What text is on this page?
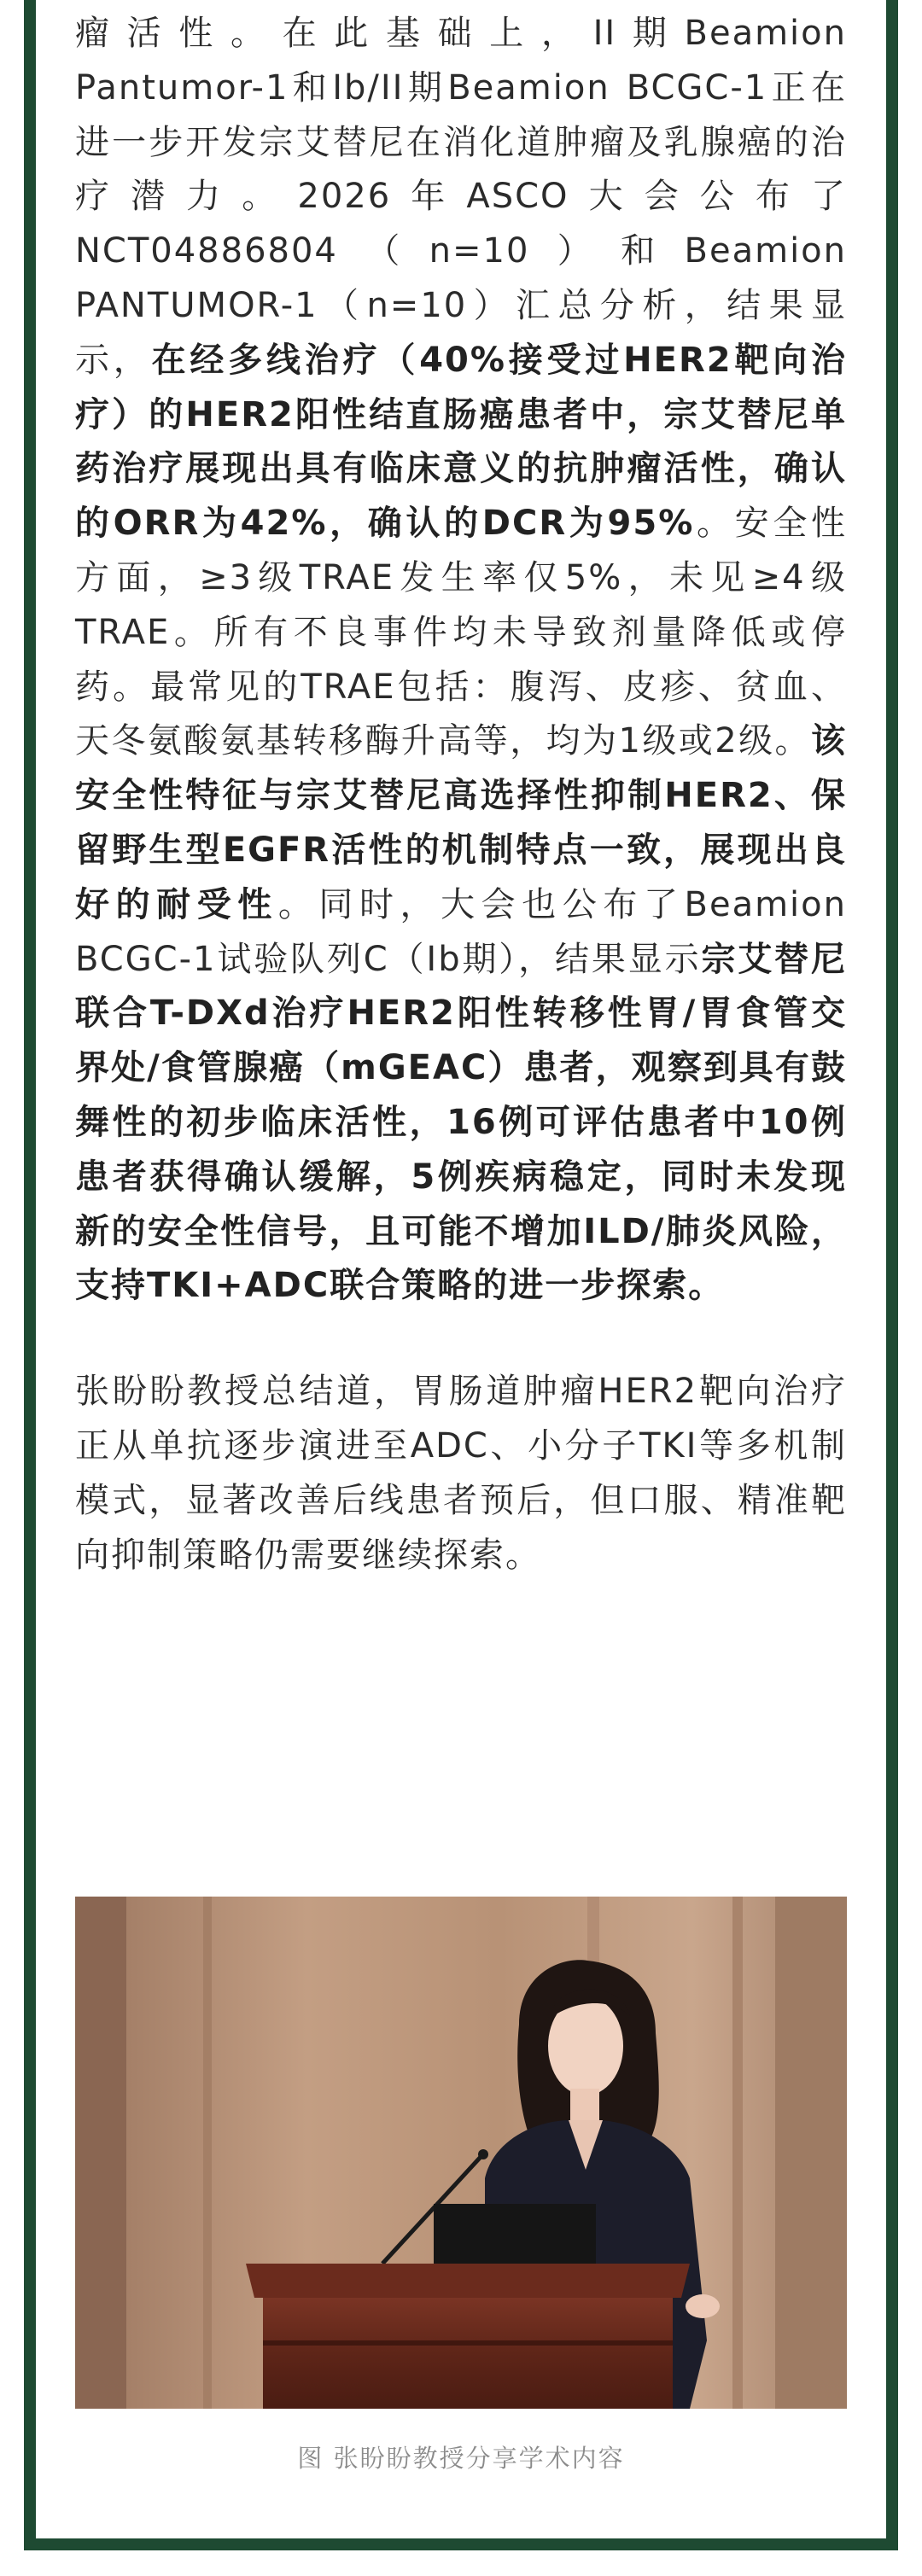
瘤活性。在此基础上，II期Beamion Pantumor-1和Ib/II期Beamion BCGC-1正在进一步开发宗艾替尼在消化道肿瘤及乳腺癌的治疗潜力。2026年ASCO大会公布了NCT04886804（n=10）和Beamion PANTUMOR-1（n=10）汇总分析，结果显示，在经多线治疗（40%接受过HER2靶向治疗）的HER2阳性结直肠癌患者中，宗艾替尼单药治疗展现出具有临床意义的抗肿瘤活性，确认的ORR为42%，确认的DCR为95%。安全性方面，≥3级TRAE发生率仅5%，未见≥4级TRAE。所有不良事件均未导致剂量降低或停药。最常见的TRAE包括：腹泻、皮疹、贫血、天冬氨酸氨基转移酶升高等，均为1级或2级。该安全性特征与宗艾替尼高选择性抑制HER2、保留野生型EGFR活性的机制特点一致，展现出良好的耐受性。同时，大会也公布了Beamion BCGC-1试验队列C（Ib期），结果显示宗艾替尼联合T-DXd治疗HER2阳性转移性胃/胃食管交界处/食管腺癌（mGEAC）患者，观察到具有鼓舞性的初步临床活性，16例可评估患者中10例患者获得确认缓解，5例疾病稳定，同时未发现新的安全性信号，且可能不增加ILD/肺炎风险，支持TKI+ADC联合策略的进一步探索。

张盼盼教授总结道，胃肠道肿瘤HER2靶向治疗正从单抗逐步演进至ADC、小分子TKI等多机制模式，显著改善后线患者预后，但口服、精准靶向抑制策略仍需要继续探索。

图 张盼盼教授分享学术内容
